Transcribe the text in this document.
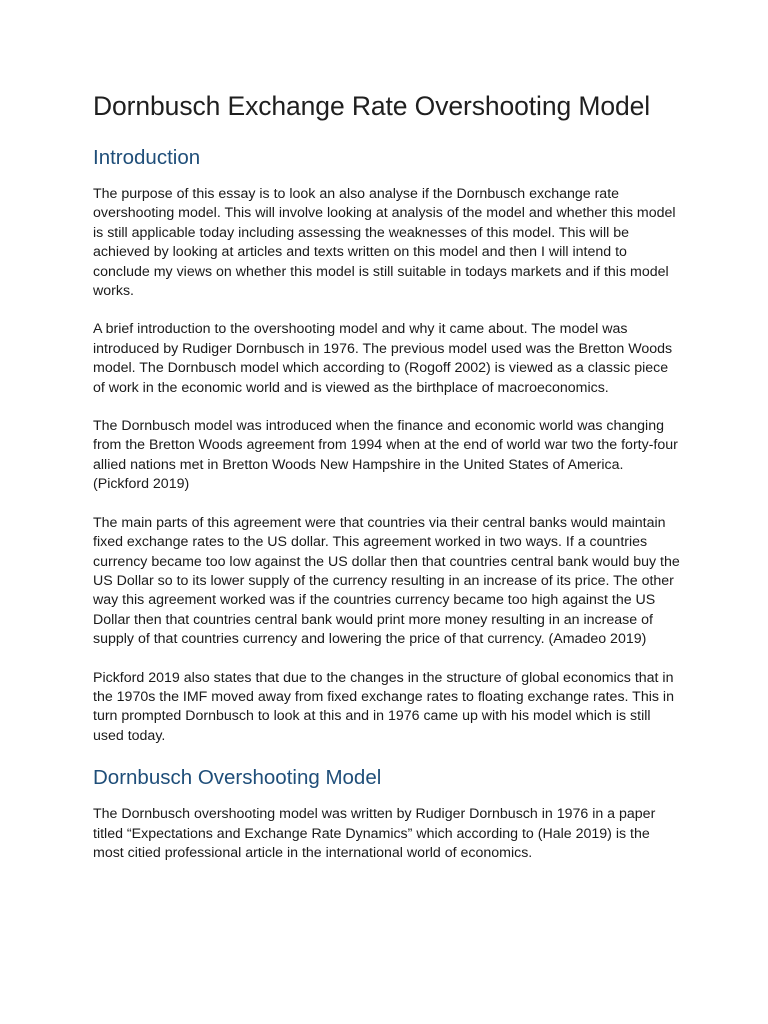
Dornbusch Exchange Rate Overshooting Model
Introduction

The purpose of this essay is to look an also analyse if the Dornbusch exchange rate overshooting model. This will involve looking at analysis of the model and whether this model is still applicable today including assessing the weaknesses of this model. This will be achieved by looking at articles and texts written on this model and then I will intend to conclude my views on whether this model is still suitable in todays markets and if this model works.

A brief introduction to the overshooting model and why it came about. The model was introduced by Rudiger Dornbusch in 1976. The previous model used was the Bretton Woods model. The Dornbusch model which according to (Rogoff 2002) is viewed as a classic piece of work in the economic world and is viewed as the birthplace of macroeconomics.

The Dornbusch model was introduced when the finance and economic world was changing from the Bretton Woods agreement from 1994 when at the end of world war two the forty-four allied nations met in Bretton Woods New Hampshire in the United States of America. (Pickford 2019)

The main parts of this agreement were that countries via their central banks would maintain fixed exchange rates to the US dollar. This agreement worked in two ways. If a countries currency became too low against the US dollar then that countries central bank would buy the US Dollar so to its lower supply of the currency resulting in an increase of its price. The other way this agreement worked was if the countries currency became too high against the US Dollar then that countries central bank would print more money resulting in an increase of supply of that countries currency and lowering the price of that currency. (Amadeo 2019)

Pickford 2019 also states that due to the changes in the structure of global economics that in the 1970s the IMF moved away from fixed exchange rates to floating exchange rates. This in turn prompted Dornbusch to look at this and in 1976 came up with his model which is still used today.

Dornbusch Overshooting Model

The Dornbusch overshooting model was written by Rudiger Dornbusch in 1976 in a paper titled “Expectations and Exchange Rate Dynamics” which according to (Hale 2019) is the most citied professional article in the international world of economics.
